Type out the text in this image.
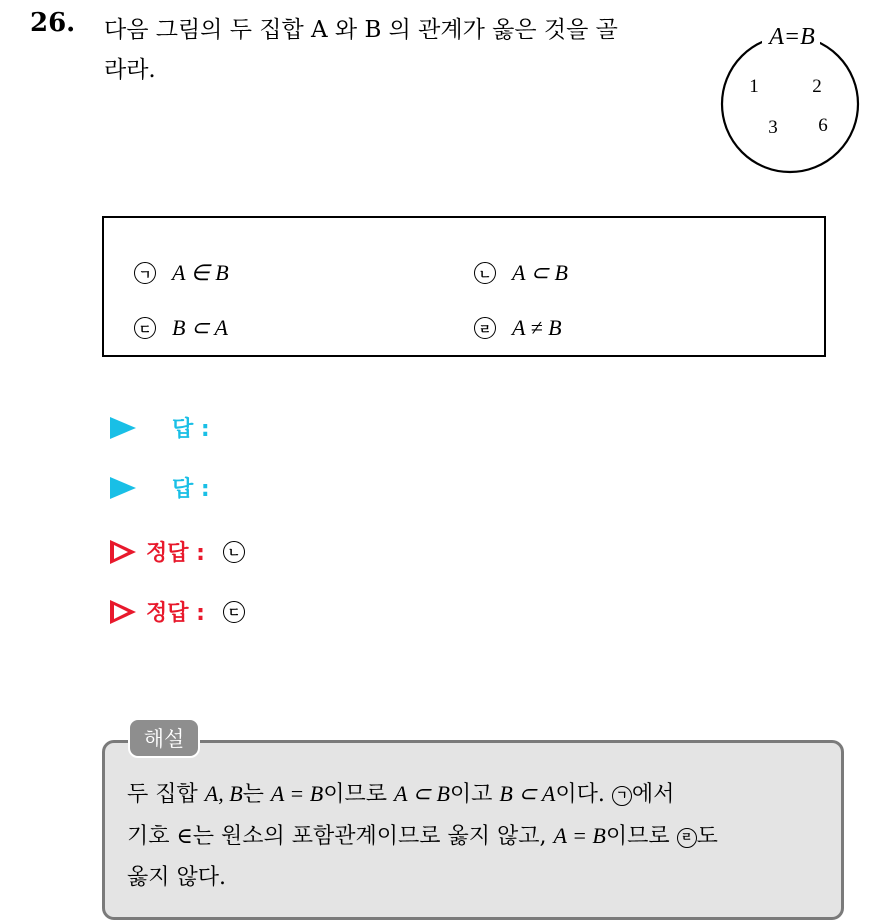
26. 다음 그림의 두 집합 A 와 B 의 관계가 옳은 것을 골
라라.
A=B
1	2
3 6
ㄱ A ∈ B	ㄴ A ⊂ B
ㄷ B ⊂ A	ㄹ A ≠ B
답 :
답 :
정답 :	ㄴ
정답 :	ㄷ
해설
두 집합 A, B는 A = B이므로 A ⊂ B이고 B ⊂ A이다. ㄱ 에서
기호 ∈는 원소의 포함관계이므로 옳지 않고, A = B이므로 ㄹ 도
옳지 않다.
